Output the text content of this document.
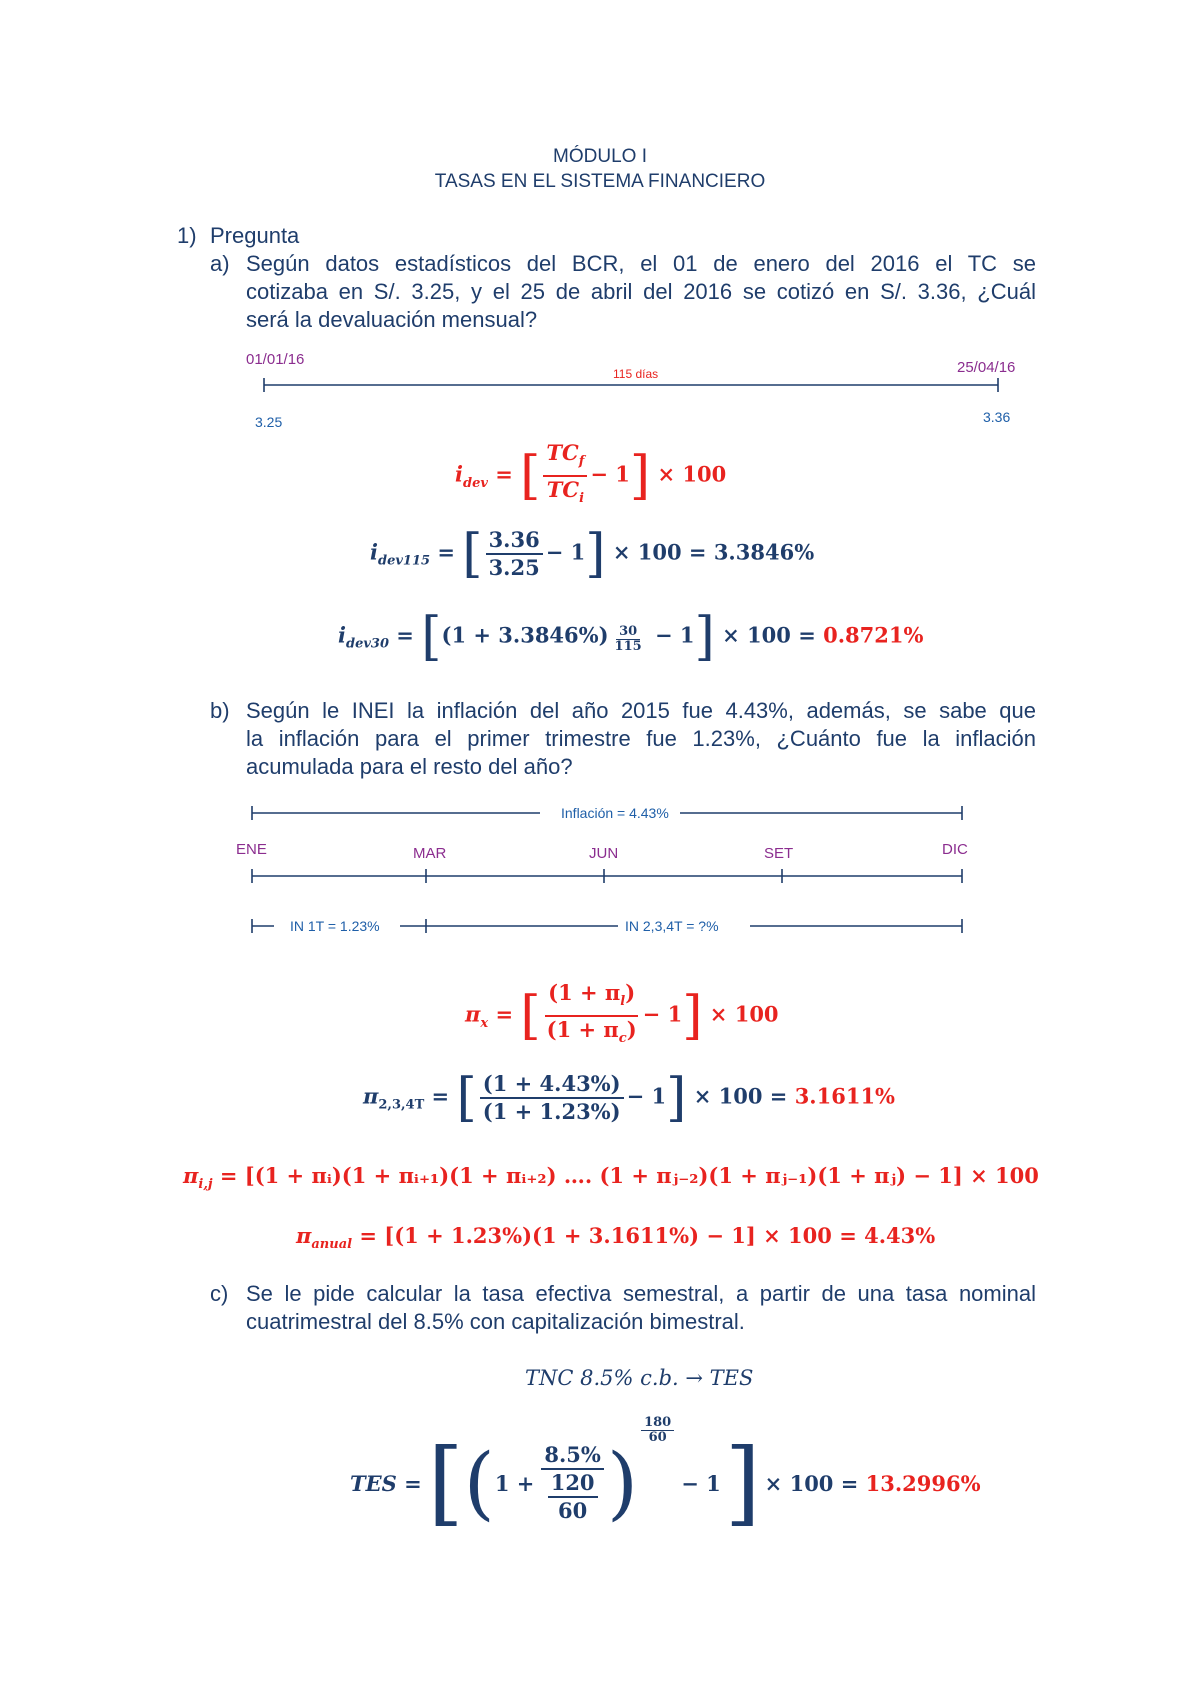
MÓDULO I
TASAS EN EL SISTEMA FINANCIERO
1) Pregunta
a) Según datos estadísticos del BCR, el 01 de enero del 2016 el TC se
cotizaba en S/. 3.25, y el 25 de abril del 2016 se cotizó en S/. 3.36, ¿Cuál
será la devaluación mensual?
01/01/16	25/04/16
115 días
3.25	3.36
$i_{dev}$ = [ $\frac{TC_f}{TC_i} - 1] \times 100$
$i_{dev115}$ = [ $\frac{3.36}{3.25} - 1] \times 100 = 3.3846\%$
$i_{dev30} = [(1 + 3.3846\%) \frac{30}{115} - 1] \times 100 = 0.8721\%$
b) Según le INEI la inflación del año 2015 fue 4.43%, además, se sabe que
la inflación para el primer trimestre fue 1.23%, ¿Cuánto fue la inflación
acumulada para el resto del año?
Inflación = 4.43%
ENE	MAR	JUN	SET	DIC
IN 1T = 1.23%	IN 2,3,4T = ?%
$\pi_x$ = [ $\frac{(1 + \pi_l)}{(1 + \pi_c)} - 1] \times 100$
$\pi_{2,3,4T}$ = [ $\frac{(1 + 4.43\%)}{(1 + 1.23\%)} - 1] \times 100 = 3.1611\%$
$\pi_{i,j} = [(1$ + πᵢ)(1 + πᵢ₊₁)(1 + πᵢ₊₂) …. (1 + πⱼ₋₂)(1 + πⱼ₋₁)(1 + πⱼ) − 1] × 100
$\pi_{anual} = [(1 + 1.23\%)(1 + 3.1611\%) - 1] \times 100 = 4.43\%$
c) Se le pide calcular la tasa efectiva semestral, a partir de una tasa nominal
cuatrimestral del 8.5% con capitalización bimestral.
TNC 8.5% c.b. → TES
TES = [ ( $1 + \frac{8.5\%}{\frac{120}{60}}$ )
$\frac{180}{60}$
− 1 ] × 100 = 13.2996%
